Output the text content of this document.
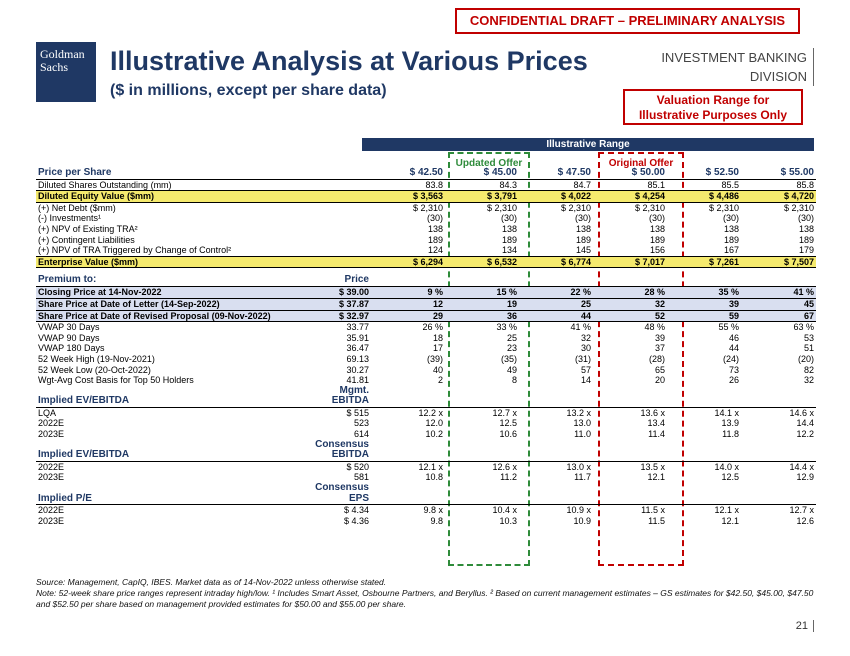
CONFIDENTIAL DRAFT – PRELIMINARY ANALYSIS
Goldman
Sachs	Illustrative Analysis at Various Prices
($ in millions, except per share data)
INVESTMENT BANKING
DIVISION
Valuation Range for
Illustrative Purposes Only
Illustrative Range
Updated Offer	Original Offer
Price per Share		$ 42.50	$ 45.00	$ 47.50	$ 50.00	$ 52.50	$ 55.00
Diluted Shares Outstanding (mm)		83.8	84.3	84.7	85.1	85.5	85.8
Diluted Equity Value ($mm)		$ 3,563	$ 3,791	$ 4,022	$ 4,254	$ 4,486	$ 4,720
(+) Net Debt ($mm)		$ 2,310	$ 2,310	$ 2,310	$ 2,310	$ 2,310	$ 2,310
(-) Investments¹		(30)	(30)	(30)	(30)	(30)	(30)
(+) NPV of Existing TRA²		138	138	138	138	138	138
(+) Contingent Liabilities		189	189	189	189	189	189
(+) NPV of TRA Triggered by Change of Control²		124	134	145	156	167	179
Enterprise Value ($mm)		$ 6,294	$ 6,532	$ 6,774	$ 7,017	$ 7,261	$ 7,507

Premium to:	Price						
Closing Price at 14-Nov-2022	$ 39.00	9 %	15 %	22 %	28 %	35 %	41 %
Share Price at Date of Letter (14-Sep-2022)	$ 37.87	12	19	25	32	39	45
Share Price at Date of Revised Proposal (09-Nov-2022)	$ 32.97	29	36	44	52	59	67
VWAP 30 Days	33.77	26 %	33 %	41 %	48 %	55 %	63 %
VWAP 90 Days	35.91	18	25	32	39	46	53
VWAP 180 Days	36.47	17	23	30	37	44	51
52 Week High (19-Nov-2021)	69.13	(39)	(35)	(31)	(28)	(24)	(20)
52 Week Low (20-Oct-2022)	30.27	40	49	57	65	73	82
Wgt-Avg Cost Basis for Top 50 Holders	41.81	2	8	14	20	26	32
	Mgmt.						
Implied EV/EBITDA	EBITDA						
LQA	$ 515	12.2 x	12.7 x	13.2 x	13.6 x	14.1 x	14.6 x
2022E	523	12.0	12.5	13.0	13.4	13.9	14.4
2023E	614	10.2	10.6	11.0	11.4	11.8	12.2
	Consensus						
Implied EV/EBITDA	EBITDA						
2022E	$ 520	12.1 x	12.6 x	13.0 x	13.5 x	14.0 x	14.4 x
2023E	581	10.8	11.2	11.7	12.1	12.5	12.9
	Consensus						
Implied P/E	EPS						
2022E	$ 4.34	9.8 x	10.4 x	10.9 x	11.5 x	12.1 x	12.7 x
2023E	$ 4.36	9.8	10.3	10.9	11.5	12.1	12.6
Source: Management, CapIQ, IBES. Market data as of 14-Nov-2022 unless otherwise stated.
Note: 52-week share price ranges represent intraday high/low. ¹ Includes Smart Asset, Osbourne Partners, and Beryllus. ² Based on current management estimates – GS estimates for $42.50, $45.00, $47.50 and $52.50 per share based on management provided estimates for $50.00 and $55.00 per share.
21
